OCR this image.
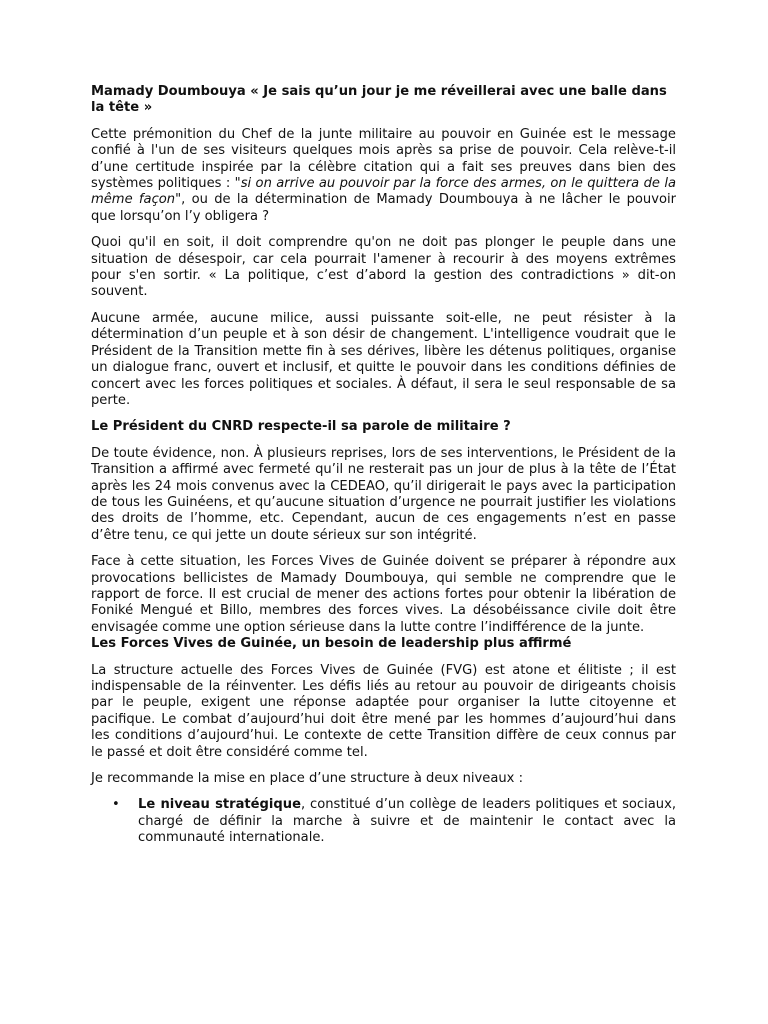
Mamady Doumbouya « Je sais qu’un jour je me réveillerai avec une balle dans la tête »

Cette prémonition du Chef de la junte militaire au pouvoir en Guinée est le message confié à l'un de ses visiteurs quelques mois après sa prise de pouvoir. Cela relève-t-il d’une certitude inspirée par la célèbre citation qui a fait ses preuves dans bien des systèmes politiques : "si on arrive au pouvoir par la force des armes, on le quittera de la même façon", ou de la détermination de Mamady Doumbouya à ne lâcher le pouvoir que lorsqu’on l’y obligera ?

Quoi qu'il en soit, il doit comprendre qu'on ne doit pas plonger le peuple dans une situation de désespoir, car cela pourrait l'amener à recourir à des moyens extrêmes pour s'en sortir. « La politique, c’est d’abord la gestion des contradictions » dit-on souvent.

Aucune armée, aucune milice, aussi puissante soit-elle, ne peut résister à la détermination d’un peuple et à son désir de changement. L'intelligence voudrait que le Président de la Transition mette fin à ses dérives, libère les détenus politiques, organise un dialogue franc, ouvert et inclusif, et quitte le pouvoir dans les conditions définies de concert avec les forces politiques et sociales. À défaut, il sera le seul responsable de sa perte.

Le Président du CNRD respecte-il sa parole de militaire ?

De toute évidence, non. À plusieurs reprises, lors de ses interventions, le Président de la Transition a affirmé avec fermeté qu’il ne resterait pas un jour de plus à la tête de l’État après les 24 mois convenus avec la CEDEAO, qu’il dirigerait le pays avec la participation de tous les Guinéens, et qu’aucune situation d’urgence ne pourrait justifier les violations des droits de l’homme, etc. Cependant, aucun de ces engagements n’est en passe d’être tenu, ce qui jette un doute sérieux sur son intégrité.

Face à cette situation, les Forces Vives de Guinée doivent se préparer à répondre aux provocations bellicistes de Mamady Doumbouya, qui semble ne comprendre que le rapport de force. Il est crucial de mener des actions fortes pour obtenir la libération de Foniké Mengué et Billo, membres des forces vives. La désobéissance civile doit être envisagée comme une option sérieuse dans la lutte contre l’indifférence de la junte.

Les Forces Vives de Guinée, un besoin de leadership plus affirmé

La structure actuelle des Forces Vives de Guinée (FVG) est atone et élitiste ; il est indispensable de la réinventer. Les défis liés au retour au pouvoir de dirigeants choisis par le peuple, exigent une réponse adaptée pour organiser la lutte citoyenne et pacifique. Le combat d’aujourd’hui doit être mené par les hommes d’aujourd’hui dans les conditions d’aujourd’hui. Le contexte de cette Transition diffère de ceux connus par le passé et doit être considéré comme tel.

Je recommande la mise en place d’une structure à deux niveaux :

• Le niveau stratégique, constitué d’un collège de leaders politiques et sociaux, chargé de définir la marche à suivre et de maintenir le contact avec la communauté internationale.
